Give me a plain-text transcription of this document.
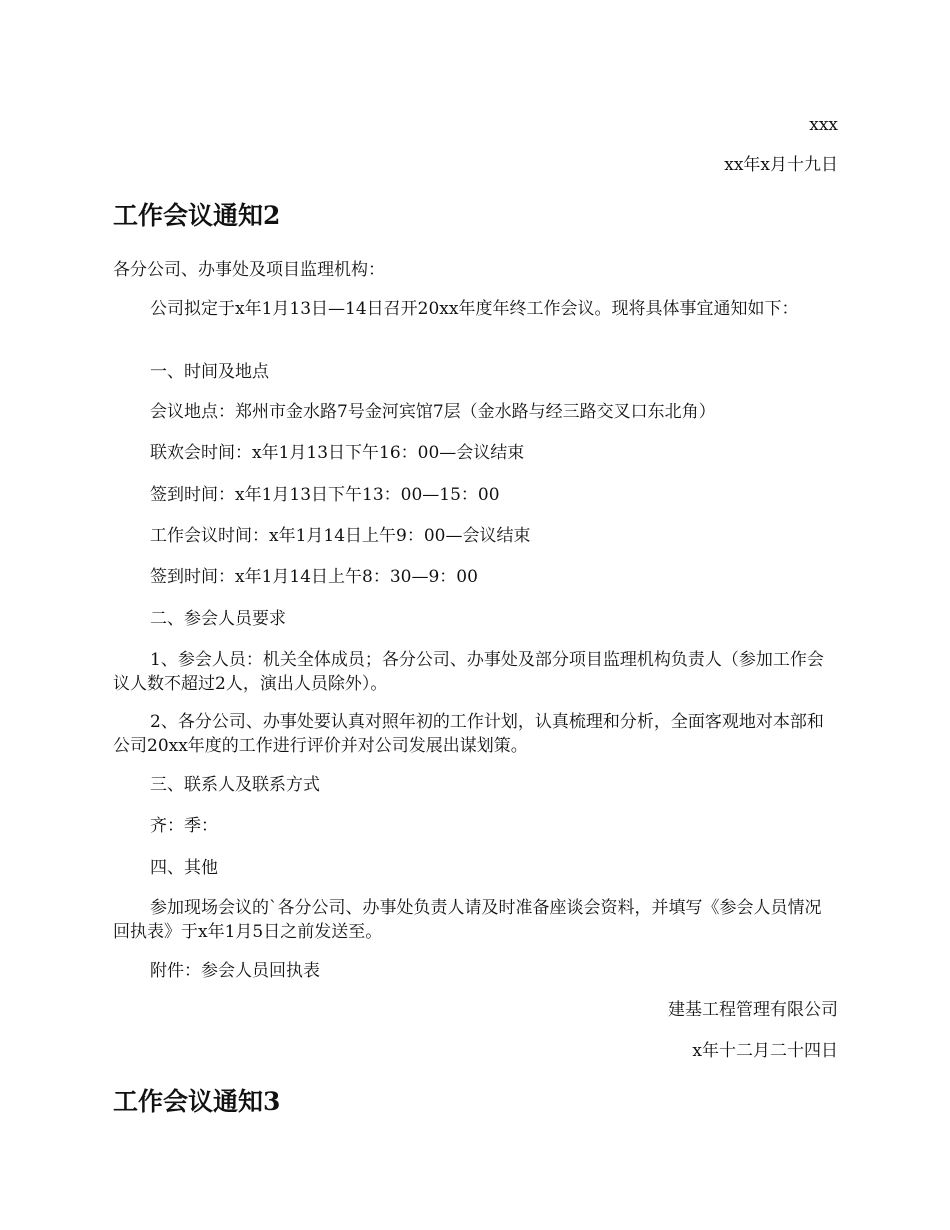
xxx
xx年x月十九日
工作会议通知2
各分公司、办事处及项目监理机构：
公司拟定于x年1月13日—14日召开20xx年度年终工作会议。现将具体事宜通知如下：
一、时间及地点
会议地点：郑州市金水路7号金河宾馆7层（金水路与经三路交叉口东北角）
联欢会时间：x年1月13日下午16：00—会议结束
签到时间：x年1月13日下午13：00—15：00
工作会议时间：x年1月14日上午9：00—会议结束
签到时间：x年1月14日上午8：30—9：00
二、参会人员要求
1、参会人员：机关全体成员；各分公司、办事处及部分项目监理机构负责人（参加工作会议人数不超过2人，演出人员除外）。
2、各分公司、办事处要认真对照年初的工作计划，认真梳理和分析，全面客观地对本部和公司20xx年度的工作进行评价并对公司发展出谋划策。
三、联系人及联系方式
齐：季：
四、其他
参加现场会议的`各分公司、办事处负责人请及时准备座谈会资料，并填写《参会人员情况回执表》于x年1月5日之前发送至。
附件：参会人员回执表
建基工程管理有限公司
x年十二月二十四日
工作会议通知3
